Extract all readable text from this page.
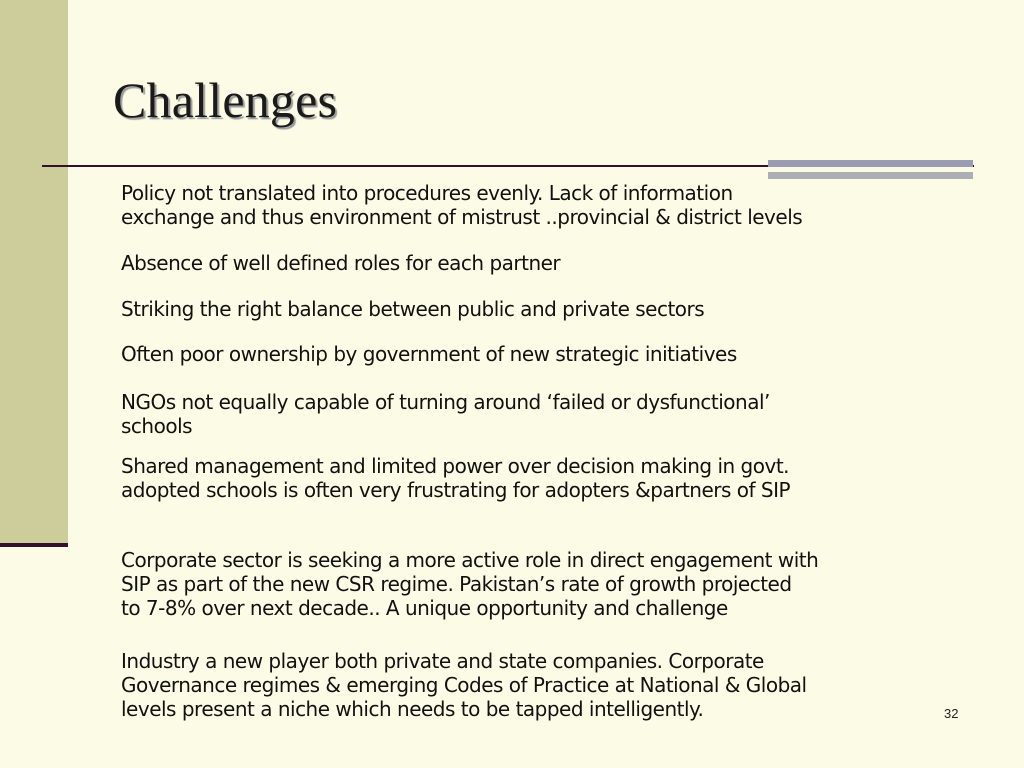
Challenges
Policy not translated into procedures evenly. Lack of information
exchange and thus environment of mistrust ..provincial & district levels
Absence of well defined roles for each partner
Striking the right balance between public and private sectors
Often poor ownership by government of new strategic initiatives
NGOs not equally capable of turning around ‘failed or dysfunctional’
schools
Shared management and limited power over decision making in govt.
adopted schools is often very frustrating for adopters &partners of SIP
Corporate sector is seeking a more active role in direct engagement with
SIP as part of the new CSR regime. Pakistan’s rate of growth projected
to 7-8% over next decade.. A unique opportunity and challenge
Industry a new player both private and state companies. Corporate
Governance regimes & emerging Codes of Practice at National & Global
levels present a niche which needs to be tapped intelligently.	32
